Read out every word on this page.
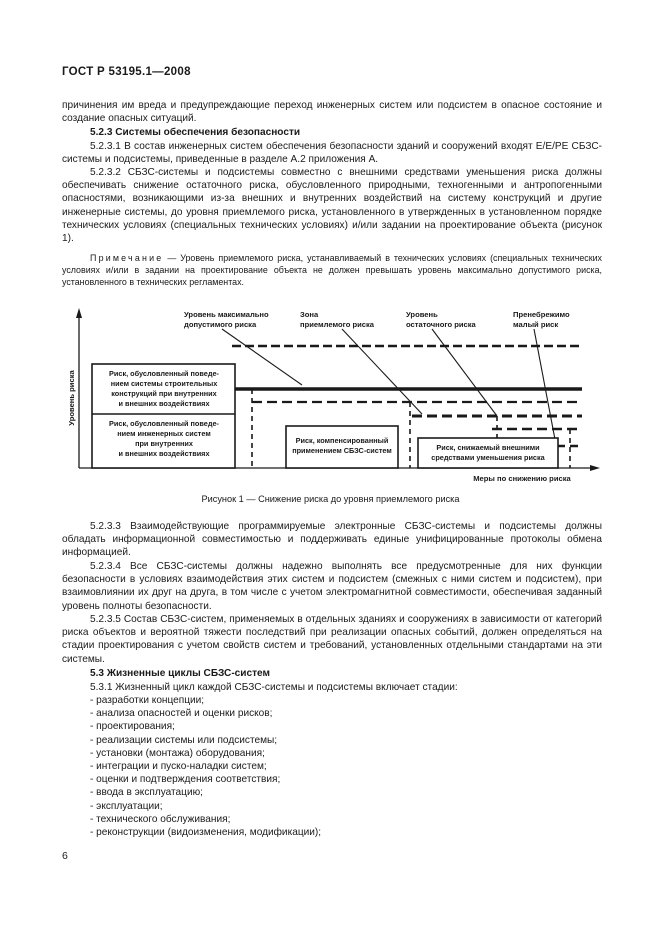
ГОСТ Р 53195.1—2008
причинения им вреда и предупреждающие переход инженерных систем или подсистем в опасное состояние и создание опасных ситуаций.
5.2.3 Системы обеспечения безопасности
5.2.3.1 В состав инженерных систем обеспечения безопасности зданий и сооружений входят Е/Е/РЕ СБЗС-системы и подсистемы, приведенные в разделе А.2 приложения А.
5.2.3.2 СБЗС-системы и подсистемы совместно с внешними средствами уменьшения риска должны обеспечивать снижение остаточного риска, обусловленного природными, техногенными и антропогенными опасностями, возникающими из-за внешних и внутренних воздействий на систему конструкций и другие инженерные системы, до уровня приемлемого риска, установленного в утвержденных в установленном порядке технических условиях (специальных технических условиях) и/или задании на проектирование объекта (рисунок 1).
Примечание — Уровень приемлемого риска, устанавливаемый в технических условиях (специальных технических условиях и/или в задании на проектирование объекта не должен превышать уровень максимально допустимого риска, установленного в технических регламентах.
Уровень риска
Меры по снижению риска
Уровень максимально
допустимого риска
Зона
приемлемого риска
Уровень
остаточного риска
Пренебрежимо
малый риск
Риск, обусловленный поведе-
нием системы строительных
конструкций при внутренних
и внешних воздействиях
Риск, обусловленный поведе-
нием инженерных систем
при внутренних
и внешних воздействиях
Риск, компенсированный
применением СБЗС-систем	Риск, снижаемый внешними
средствами уменьшения риска
Рисунок 1 — Снижение риска до уровня приемлемого риска
5.2.3.3 Взаимодействующие программируемые электронные СБЗС-системы и подсистемы должны обладать информационной совместимостью и поддерживать единые унифицированные протоколы обмена информацией.
5.2.3.4 Все СБЗС-системы должны надежно выполнять все предусмотренные для них функции безопасности в условиях взаимодействия этих систем и подсистем (смежных с ними систем и подсистем), при взаимовлиянии их друг на друга, в том числе с учетом электромагнитной совместимости, обеспечивая заданный уровень полноты безопасности.
5.2.3.5 Состав СБЗС-систем, применяемых в отдельных зданиях и сооружениях в зависимости от категорий риска объектов и вероятной тяжести последствий при реализации опасных событий, должен определяться на стадии проектирования с учетом свойств систем и требований, установленных отдельными стандартами на эти системы.
5.3 Жизненные циклы СБЗС-систем
5.3.1 Жизненный цикл каждой СБЗС-системы и подсистемы включает стадии:

- разработки концепции;

- анализа опасностей и оценки рисков;

- проектирования;

- реализации системы или подсистемы;

- установки (монтажа) оборудования;

- интеграции и пуско-наладки систем;

- оценки и подтверждения соответствия;

- ввода в эксплуатацию;

- эксплуатации;

- технического обслуживания;

- реконструкции (видоизменения, модификации);

6
